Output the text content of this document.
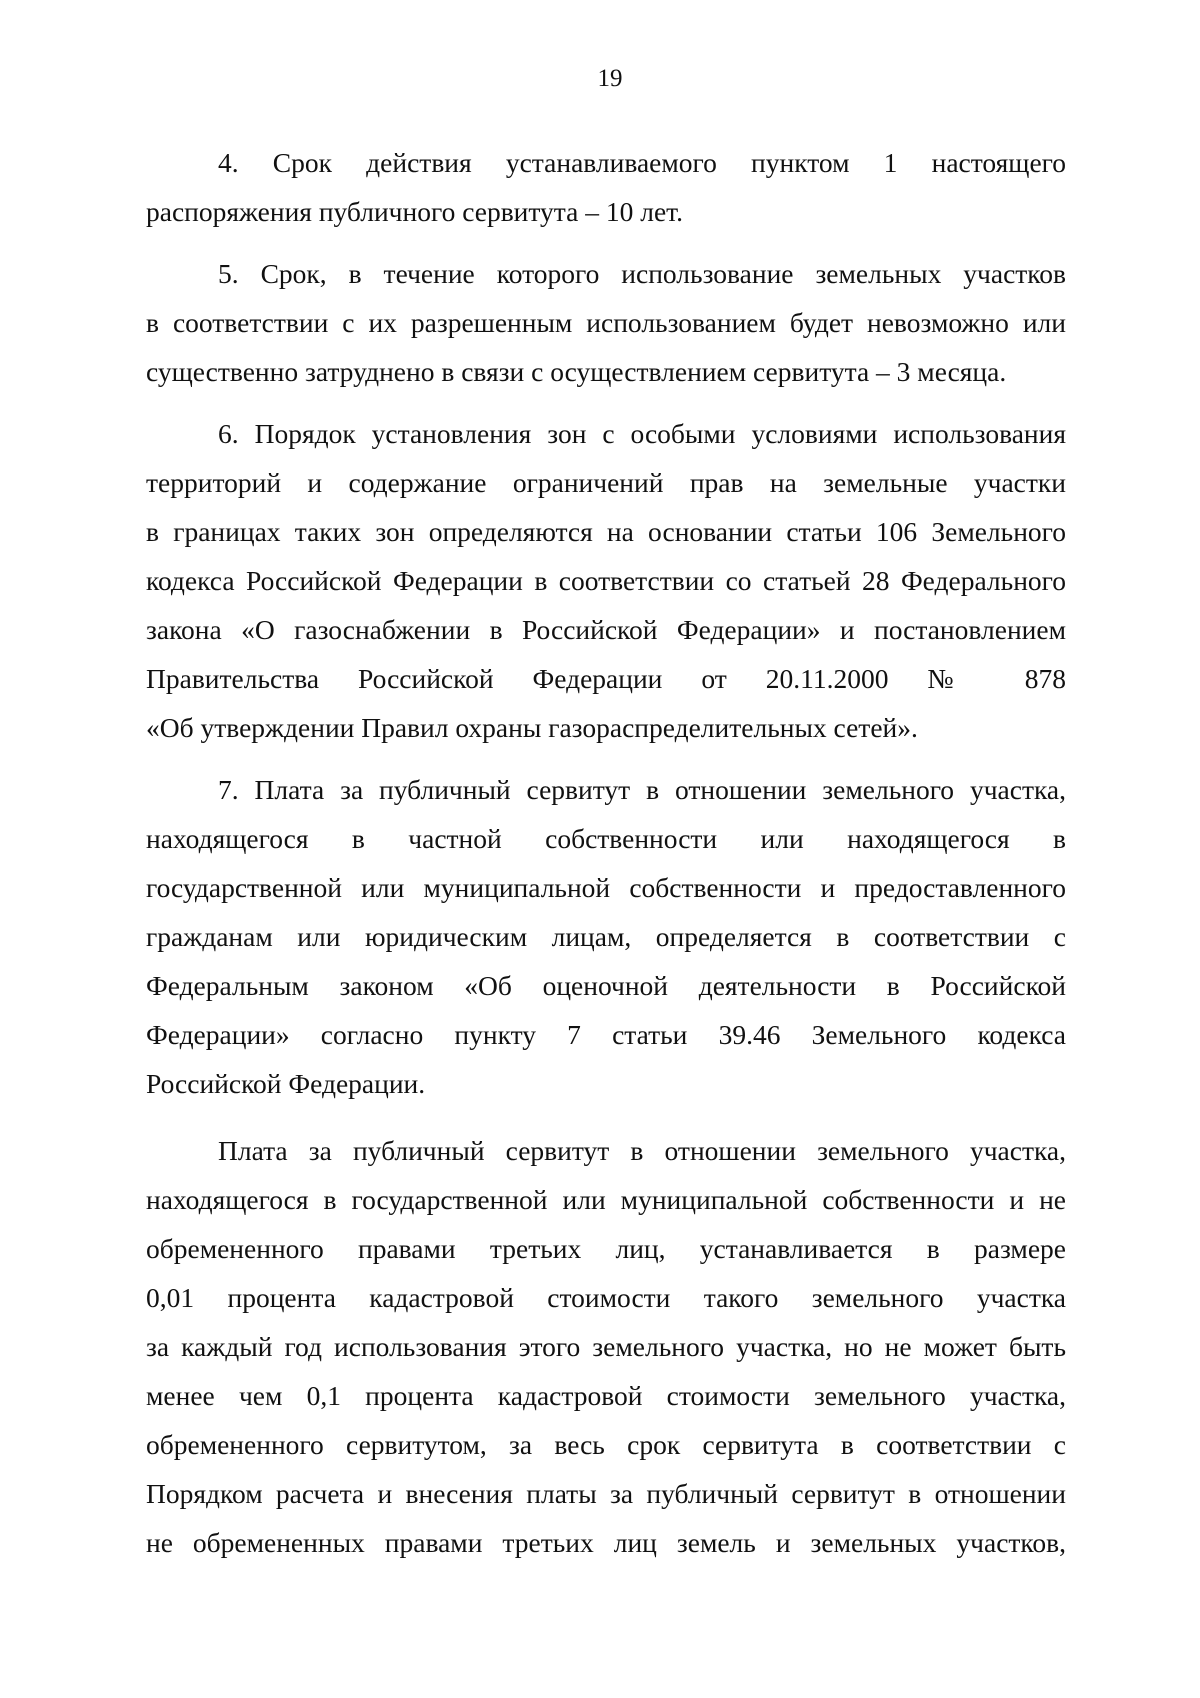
19
4. Срок действия устанавливаемого пунктом 1 настоящего
распоряжения публичного сервитута – 10 лет.
5. Срок, в течение которого использование земельных участков
в соответствии с их разрешенным использованием будет невозможно или
существенно затруднено в связи с осуществлением сервитута – 3 месяца.
6. Порядок установления зон с особыми условиями использования
территорий и содержание ограничений прав на земельные участки
в границах таких зон определяются на основании статьи 106 Земельного
кодекса Российской Федерации в соответствии со статьей 28 Федерального
закона «О газоснабжении в Российской Федерации» и постановлением
Правительства Российской Федерации от 20.11.2000 № 878
«Об утверждении Правил охраны газораспределительных сетей».
7. Плата за публичный сервитут в отношении земельного участка,
находящегося в частной собственности или находящегося в
государственной или муниципальной собственности и предоставленного
гражданам или юридическим лицам, определяется в соответствии с
Федеральным законом «Об оценочной деятельности в Российской
Федерации» согласно пункту 7 статьи 39.46 Земельного кодекса
Российской Федерации.
Плата за публичный сервитут в отношении земельного участка,
находящегося в государственной или муниципальной собственности и не
обремененного правами третьих лиц, устанавливается в размере
0,01 процента кадастровой стоимости такого земельного участка
за каждый год использования этого земельного участка, но не может быть
менее чем 0,1 процента кадастровой стоимости земельного участка,
обремененного сервитутом, за весь срок сервитута в соответствии с
Порядком расчета и внесения платы за публичный сервитут в отношении
не обремененных правами третьих лиц земель и земельных участков,
